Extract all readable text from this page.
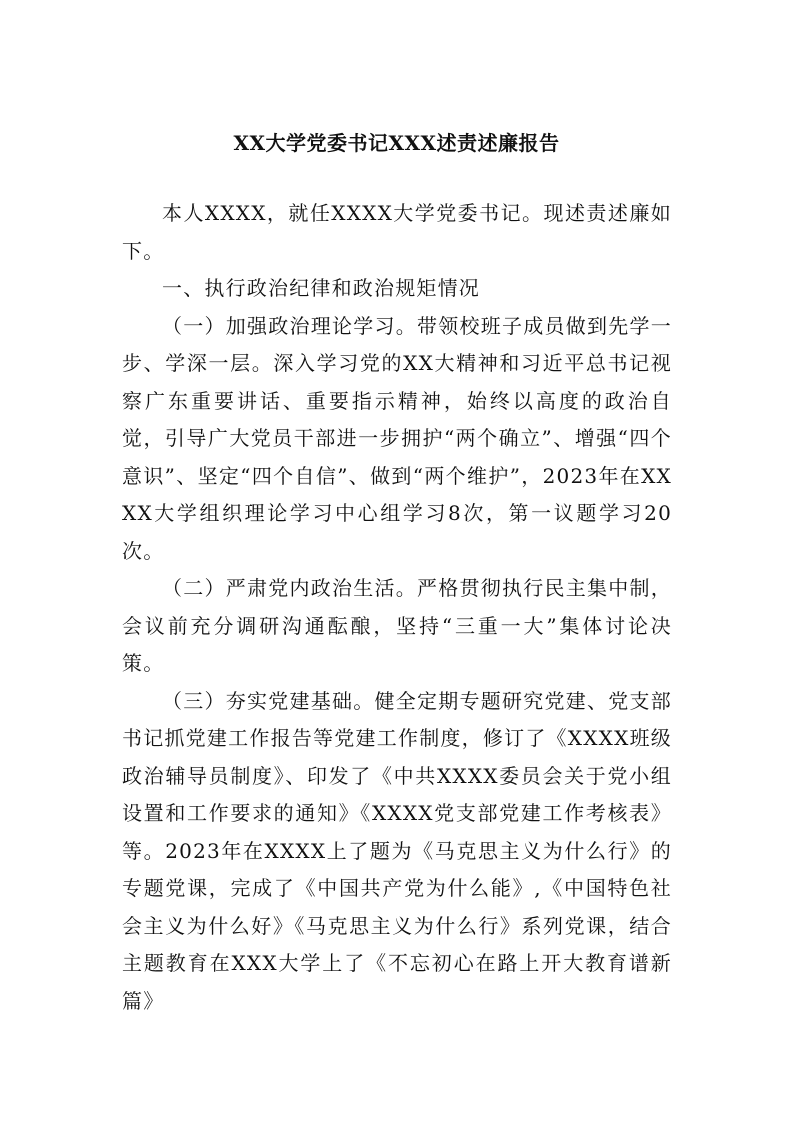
XX大学党委书记XXX述责述廉报告

本人XXXX，就任XXXX大学党委书记。现述责述廉如下。

一、执行政治纪律和政治规矩情况

（一）加强政治理论学习。带领校班子成员做到先学一步、学深一层。深入学习党的XX大精神和习近平总书记视察广东重要讲话、重要指示精神，始终以高度的政治自觉，引导广大党员干部进一步拥护“两个确立”、增强“四个意识”、坚定“四个自信”、做到“两个维护”，2023年在XXXX大学组织理论学习中心组学习8次，第一议题学习20次。

（二）严肃党内政治生活。严格贯彻执行民主集中制，会议前充分调研沟通酝酿，坚持“三重一大”集体讨论决策。

（三）夯实党建基础。健全定期专题研究党建、党支部书记抓党建工作报告等党建工作制度，修订了《XXXX班级政治辅导员制度》、印发了《中共XXXX委员会关于党小组设置和工作要求的通知》《XXXX党支部党建工作考核表》等。2023年在XXXX上了题为《马克思主义为什么行》的专题党课，完成了《中国共产党为什么能》,《中国特色社会主义为什么好》《马克思主义为什么行》系列党课，结合主题教育在XXX大学上了《不忘初心在路上开大教育谱新篇》
